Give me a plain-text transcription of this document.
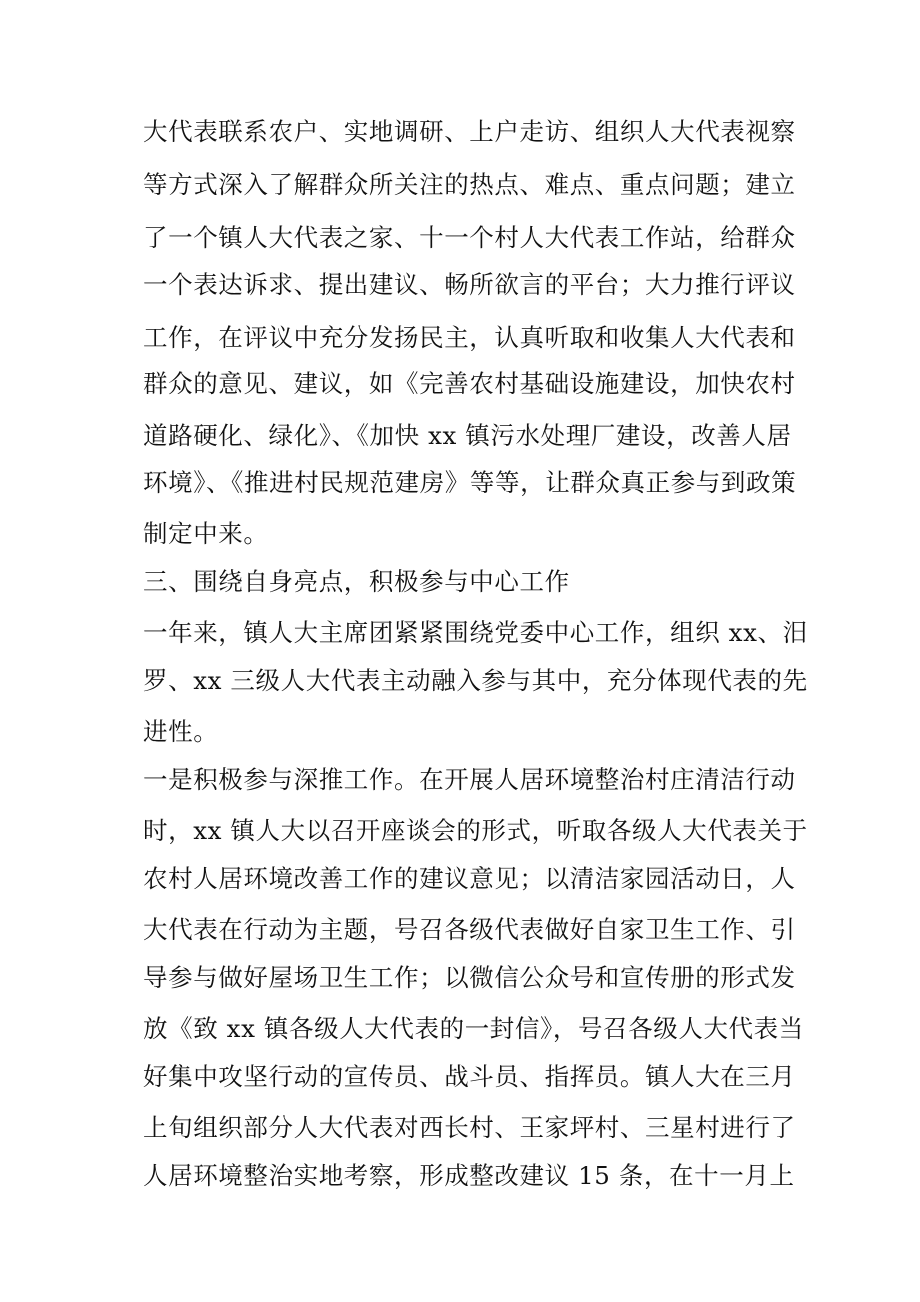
大代表联系农户、实地调研、上户走访、组织人大代表视察
等方式深入了解群众所关注的热点、难点、重点问题；建立
了一个镇人大代表之家、十一个村人大代表工作站，给群众
一个表达诉求、提出建议、畅所欲言的平台；大力推行评议
工作，在评议中充分发扬民主，认真听取和收集人大代表和
群众的意见、建议，如《完善农村基础设施建设，加快农村
道路硬化、绿化》、《加快 xx 镇污水处理厂建设，改善人居
环境》、《推进村民规范建房》等等，让群众真正参与到政策
制定中来。
三、围绕自身亮点，积极参与中心工作
一年来，镇人大主席团紧紧围绕党委中心工作，组织 xx、汨
罗、xx 三级人大代表主动融入参与其中，充分体现代表的先
进性。
一是积极参与深推工作。在开展人居环境整治村庄清洁行动
时，xx 镇人大以召开座谈会的形式，听取各级人大代表关于
农村人居环境改善工作的建议意见；以清洁家园活动日，人
大代表在行动为主题，号召各级代表做好自家卫生工作、引
导参与做好屋场卫生工作；以微信公众号和宣传册的形式发
放《致 xx 镇各级人大代表的一封信》，号召各级人大代表当
好集中攻坚行动的宣传员、战斗员、指挥员。镇人大在三月
上旬组织部分人大代表对西长村、王家坪村、三星村进行了
人居环境整治实地考察，形成整改建议 15 条，在十一月上
